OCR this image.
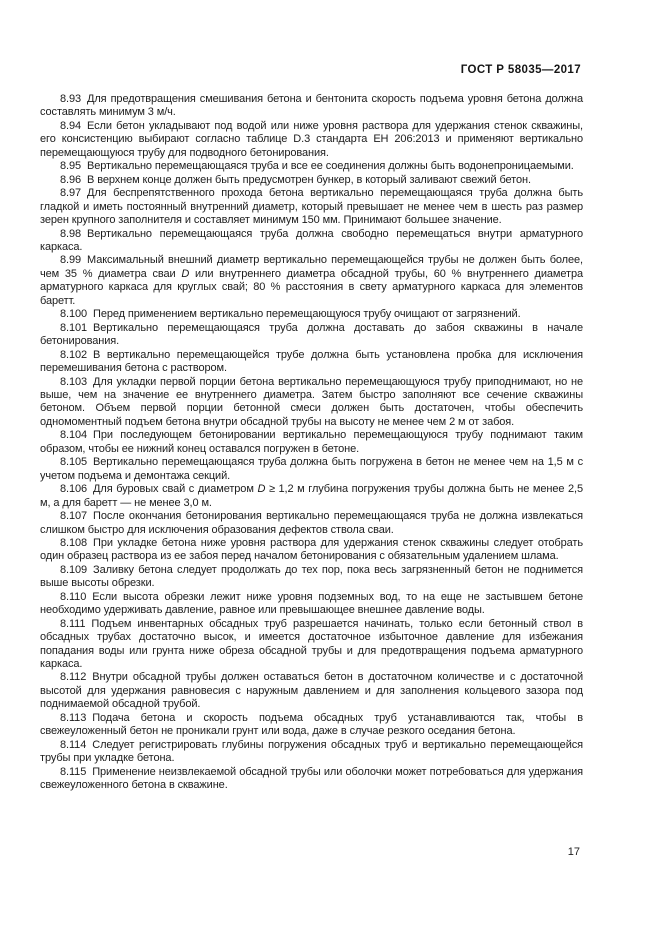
ГОСТ Р 58035—2017

8.93 Для предотвращения смешивания бетона и бентонита скорость подъема уровня бетона должна составлять минимум 3 м/ч.

8.94 Если бетон укладывают под водой или ниже уровня раствора для удержания стенок скважины, его консистенцию выбирают согласно таблице D.3 стандарта ЕН 206:2013 и применяют вертикально перемещающуюся трубу для подводного бетонирования.

8.95 Вертикально перемещающаяся труба и все ее соединения должны быть водонепроницаемыми.

8.96 В верхнем конце должен быть предусмотрен бункер, в который заливают свежий бетон.

8.97 Для беспрепятственного прохода бетона вертикально перемещающаяся труба должна быть гладкой и иметь постоянный внутренний диаметр, который превышает не менее чем в шесть раз размер зерен крупного заполнителя и составляет минимум 150 мм. Принимают большее значение.

8.98 Вертикально перемещающаяся труба должна свободно перемещаться внутри арматурного каркаса.

8.99 Максимальный внешний диаметр вертикально перемещающейся трубы не должен быть более, чем 35 % диаметра сваи D или внутреннего диаметра обсадной трубы, 60 % внутреннего диаметра арматурного каркаса для круглых свай; 80 % расстояния в свету арматурного каркаса для элементов баретт.

8.100 Перед применением вертикально перемещающуюся трубу очищают от загрязнений.

8.101 Вертикально перемещающаяся труба должна доставать до забоя скважины в начале бетонирования.

8.102 В вертикально перемещающейся трубе должна быть установлена пробка для исключения перемешивания бетона с раствором.

8.103 Для укладки первой порции бетона вертикально перемещающуюся трубу приподнимают, но не выше, чем на значение ее внутреннего диаметра. Затем быстро заполняют все сечение скважины бетоном. Объем первой порции бетонной смеси должен быть достаточен, чтобы обеспечить одномоментный подъем бетона внутри обсадной трубы на высоту не менее чем 2 м от забоя.

8.104 При последующем бетонировании вертикально перемещающуюся трубу поднимают таким образом, чтобы ее нижний конец оставался погружен в бетоне.

8.105 Вертикально перемещающаяся труба должна быть погружена в бетон не менее чем на 1,5 м с учетом подъема и демонтажа секций.

8.106 Для буровых свай с диаметром D ≥ 1,2 м глубина погружения трубы должна быть не менее 2,5 м, а для баретт — не менее 3,0 м.

8.107 После окончания бетонирования вертикально перемещающаяся труба не должна извлекаться слишком быстро для исключения образования дефектов ствола сваи.

8.108 При укладке бетона ниже уровня раствора для удержания стенок скважины следует отобрать один образец раствора из ее забоя перед началом бетонирования с обязательным удалением шлама.

8.109 Заливку бетона следует продолжать до тех пор, пока весь загрязненный бетон не поднимется выше высоты обрезки.

8.110 Если высота обрезки лежит ниже уровня подземных вод, то на еще не застывшем бетоне необходимо удерживать давление, равное или превышающее внешнее давление воды.

8.111 Подъем инвентарных обсадных труб разрешается начинать, только если бетонный ствол в обсадных трубах достаточно высок, и имеется достаточное избыточное давление для избежания попадания воды или грунта ниже обреза обсадной трубы и для предотвращения подъема арматурного каркаса.

8.112 Внутри обсадной трубы должен оставаться бетон в достаточном количестве и с достаточной высотой для удержания равновесия с наружным давлением и для заполнения кольцевого зазора под поднимаемой обсадной трубой.

8.113 Подача бетона и скорость подъема обсадных труб устанавливаются так, чтобы в свежеуложенный бетон не проникали грунт или вода, даже в случае резкого оседания бетона.

8.114 Следует регистрировать глубины погружения обсадных труб и вертикально перемещающейся трубы при укладке бетона.

8.115 Применение неизвлекаемой обсадной трубы или оболочки может потребоваться для удержания свежеуложенного бетона в скважине.

17
